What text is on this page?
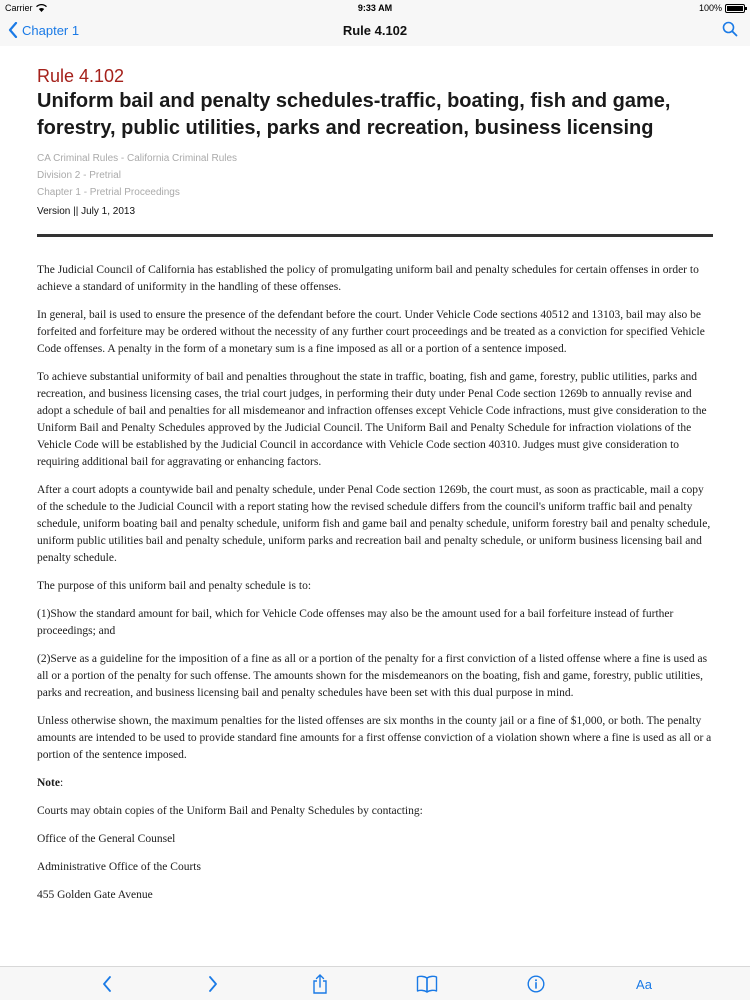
Carrier	9:33 AM	100%
Chapter 1	Rule 4.102
Rule 4.102
Uniform bail and penalty schedules-traffic, boating, fish and game, forestry, public utilities, parks and recreation, business licensing
CA Criminal Rules - California Criminal Rules
Division 2 - Pretrial
Chapter 1 - Pretrial Proceedings
Version || July 1, 2013

The Judicial Council of California has established the policy of promulgating uniform bail and penalty schedules for certain offenses in order to achieve a standard of uniformity in the handling of these offenses.

In general, bail is used to ensure the presence of the defendant before the court. Under Vehicle Code sections 40512 and 13103, bail may also be forfeited and forfeiture may be ordered without the necessity of any further court proceedings and be treated as a conviction for specified Vehicle Code offenses. A penalty in the form of a monetary sum is a fine imposed as all or a portion of a sentence imposed.

To achieve substantial uniformity of bail and penalties throughout the state in traffic, boating, fish and game, forestry, public utilities, parks and recreation, and business licensing cases, the trial court judges, in performing their duty under Penal Code section 1269b to annually revise and adopt a schedule of bail and penalties for all misdemeanor and infraction offenses except Vehicle Code infractions, must give consideration to the Uniform Bail and Penalty Schedules approved by the Judicial Council. The Uniform Bail and Penalty Schedule for infraction violations of the Vehicle Code will be established by the Judicial Council in accordance with Vehicle Code section 40310. Judges must give consideration to requiring additional bail for aggravating or enhancing factors.

After a court adopts a countywide bail and penalty schedule, under Penal Code section 1269b, the court must, as soon as practicable, mail a copy of the schedule to the Judicial Council with a report stating how the revised schedule differs from the council's uniform traffic bail and penalty schedule, uniform boating bail and penalty schedule, uniform fish and game bail and penalty schedule, uniform forestry bail and penalty schedule, uniform public utilities bail and penalty schedule, uniform parks and recreation bail and penalty schedule, or uniform business licensing bail and penalty schedule.

The purpose of this uniform bail and penalty schedule is to:

(1)Show the standard amount for bail, which for Vehicle Code offenses may also be the amount used for a bail forfeiture instead of further proceedings; and

(2)Serve as a guideline for the imposition of a fine as all or a portion of the penalty for a first conviction of a listed offense where a fine is used as all or a portion of the penalty for such offense. The amounts shown for the misdemeanors on the boating, fish and game, forestry, public utilities, parks and recreation, and business licensing bail and penalty schedules have been set with this dual purpose in mind.

Unless otherwise shown, the maximum penalties for the listed offenses are six months in the county jail or a fine of $1,000, or both. The penalty amounts are intended to be used to provide standard fine amounts for a first offense conviction of a violation shown where a fine is used as all or a portion of the sentence imposed.

Note:

Courts may obtain copies of the Uniform Bail and Penalty Schedules by contacting:

Office of the General Counsel

Administrative Office of the Courts

455 Golden Gate Avenue

Aa
